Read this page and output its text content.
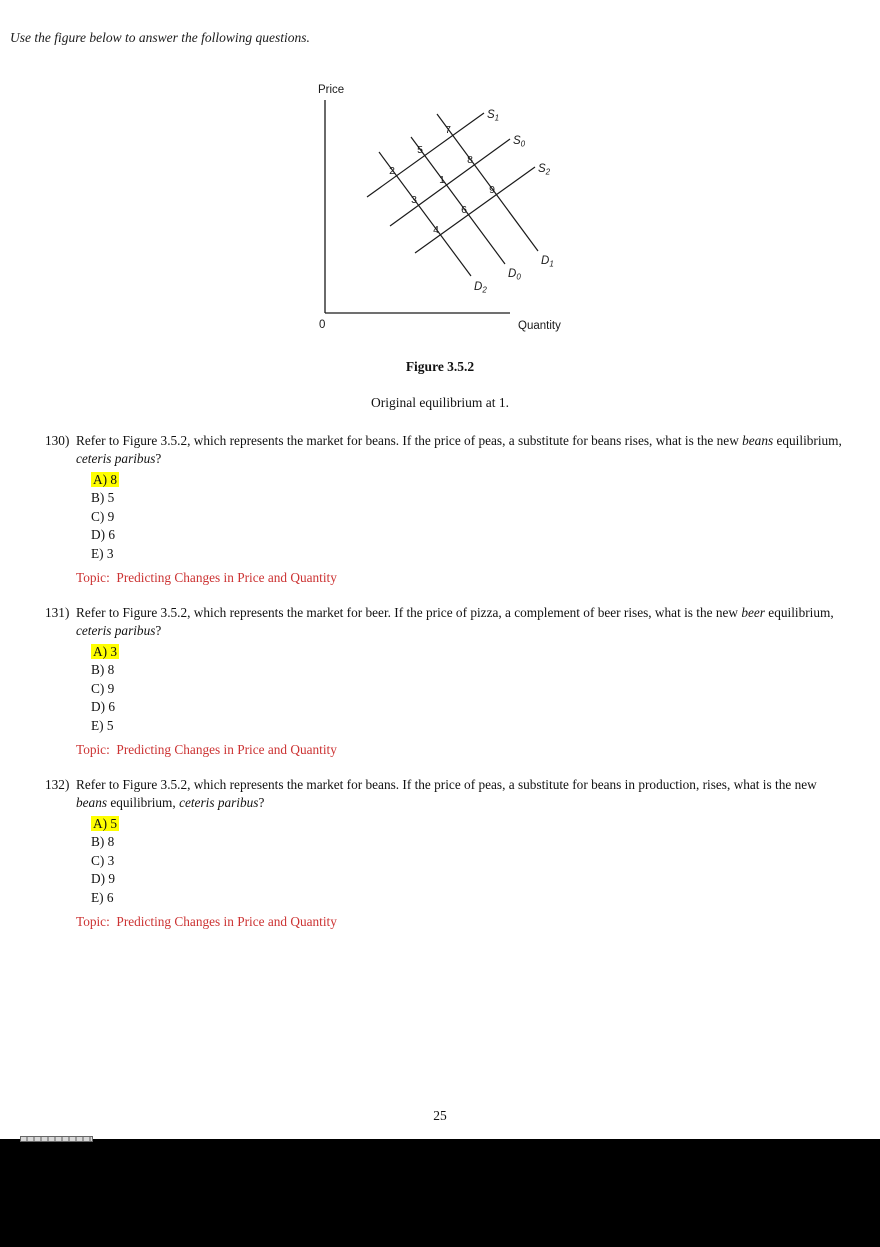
Use the figure below to answer the following questions.
Price
0	Quantity
$S_1$
$S_0$
$S_2$
$D_1$
$D_0$
$D_2$
1
2
3
4
5
6
7
8
9
Figure 3.5.2
Original equilibrium at 1.
130) Refer to Figure 3.5.2, which represents the market for beans. If the price of peas, a substitute for beans rises, what is the new beans equilibrium, ceteris paribus?
A) 8
B) 5
C) 9
D) 6
E) 3
Topic:  Predicting Changes in Price and Quantity
131) Refer to Figure 3.5.2, which represents the market for beer. If the price of pizza, a complement of beer rises, what is the new beer equilibrium, ceteris paribus?
A) 3
B) 8
C) 9
D) 6
E) 5
Topic:  Predicting Changes in Price and Quantity
132) Refer to Figure 3.5.2, which represents the market for beans. If the price of peas, a substitute for beans in production, rises, what is the new beans equilibrium, ceteris paribus?
A) 5
B) 8
C) 3
D) 9
E) 6
Topic:  Predicting Changes in Price and Quantity
25
